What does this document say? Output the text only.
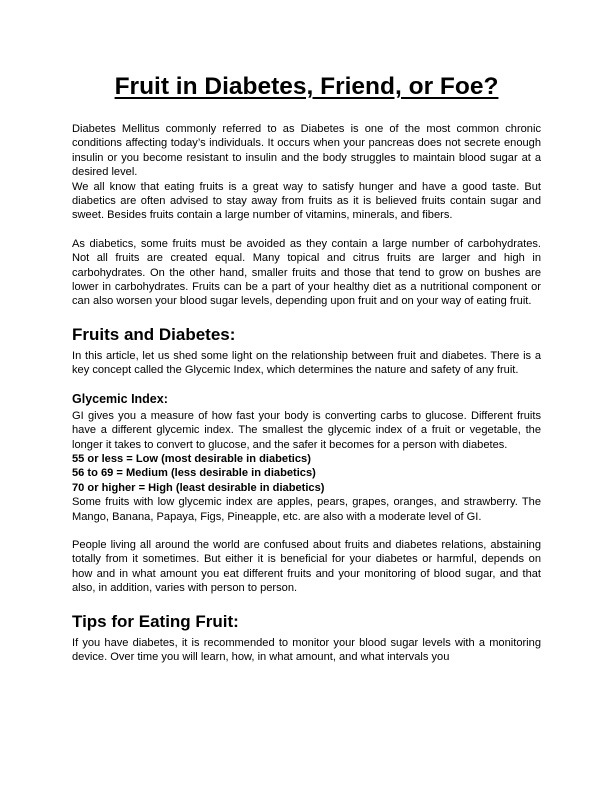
Fruit in Diabetes, Friend, or Foe?

Diabetes Mellitus commonly referred to as Diabetes is one of the most common chronic conditions affecting today’s individuals. It occurs when your pancreas does not secrete enough insulin or you become resistant to insulin and the body struggles to maintain blood sugar at a desired level.

We all know that eating fruits is a great way to satisfy hunger and have a good taste. But diabetics are often advised to stay away from fruits as it is believed fruits contain sugar and sweet. Besides fruits contain a large number of vitamins, minerals, and fibers.

As diabetics, some fruits must be avoided as they contain a large number of carbohydrates. Not all fruits are created equal. Many topical and citrus fruits are larger and high in carbohydrates. On the other hand, smaller fruits and those that tend to grow on bushes are lower in carbohydrates. Fruits can be a part of your healthy diet as a nutritional component or can also worsen your blood sugar levels, depending upon fruit and on your way of eating fruit.

Fruits and Diabetes:

In this article, let us shed some light on the relationship between fruit and diabetes. There is a key concept called the Glycemic Index, which determines the nature and safety of any fruit.

Glycemic Index:

GI gives you a measure of how fast your body is converting carbs to glucose. Different fruits have a different glycemic index. The smallest the glycemic index of a fruit or vegetable, the longer it takes to convert to glucose, and the safer it becomes for a person with diabetes.

55 or less = Low (most desirable in diabetics)
56 to 69 = Medium (less desirable in diabetics)
70 or higher = High (least desirable in diabetics)

Some fruits with low glycemic index are apples, pears, grapes, oranges, and strawberry. The Mango, Banana, Papaya, Figs, Pineapple, etc. are also with a moderate level of GI.

People living all around the world are confused about fruits and diabetes relations, abstaining totally from it sometimes. But either it is beneficial for your diabetes or harmful, depends on how and in what amount you eat different fruits and your monitoring of blood sugar, and that also, in addition, varies with person to person.

Tips for Eating Fruit:

If you have diabetes, it is recommended to monitor your blood sugar levels with a monitoring device. Over time you will learn, how, in what amount, and what intervals you
